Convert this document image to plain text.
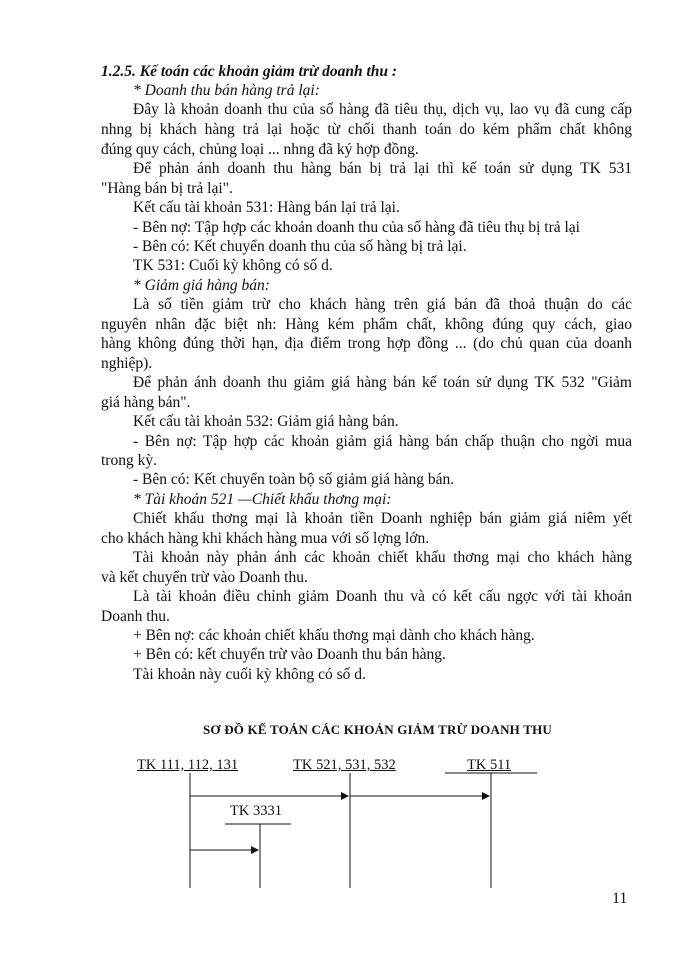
1.2.5. Kế toán các khoản giảm trừ doanh thu :
* Doanh thu bán hàng trả lại:
Đây là khoản doanh thu của số hàng đã tiêu thụ, dịch vụ, lao vụ đã cung cấp
nhng bị khách hàng trả lại hoặc từ chối thanh toán do kém phẩm chất không
đúng quy cách, chủng loại ... nhng đã ký hợp đồng.
Để phản ánh doanh thu hàng bán bị trả lại thì kế toán sử dụng TK 531
"Hàng bán bị trả lại".
Kết cấu tài khoản 531: Hàng bán lại trả lại.
- Bên nợ: Tập hợp các khoản doanh thu của số hàng đã tiêu thụ bị trả lại
- Bên có: Kết chuyển doanh thu của số hàng bị trả lại.
TK 531: Cuối kỳ không có số d.
* Giảm giá hàng bán:
Là số tiền giảm trừ cho khách hàng trên giá bán đã thoả thuận do các
nguyên nhân đặc biệt nh: Hàng kém phẩm chất, không đúng quy cách, giao
hàng không đúng thời hạn, địa điểm trong hợp đồng ... (do chủ quan của doanh
nghiệp).
Để phản ánh doanh thu giảm giá hàng bán kế toán sử dụng TK 532 "Giảm
giá hàng bán".
Kết cấu tài khoản 532: Giảm giá hàng bán.
- Bên nợ: Tập hợp các khoản giảm giá hàng bán chấp thuận cho ngời mua
trong kỳ.
- Bên có: Kết chuyển toàn bộ số giảm giá hàng bán.
* Tài khoản 521 —Chiết khấu thơng mại:
Chiết khấu thơng mại là khoản tiền Doanh nghiệp bán giảm giá niêm yết
cho khách hàng khi khách hàng mua với số lợng lớn.
Tài khoản này phản ánh các khoản chiết khấu thơng mại cho khách hàng
và kết chuyển trừ vào Doanh thu.
Là tài khoản điều chỉnh giảm Doanh thu và có kết cấu ngợc với tài khoản
Doanh thu.
+ Bên nợ: các khoản chiết khấu thơng mại dành cho khách hàng.
+ Bên có: kết chuyển trừ vào Doanh thu bán hàng.
Tài khoản này cuối kỳ không có số d.
SƠ ĐỒ KẾ TOÁN CÁC KHOẢN GIẢM TRỪ DOANH THU
TK 111, 112, 131	TK 521, 531, 532	TK 511
TK 3331
11
